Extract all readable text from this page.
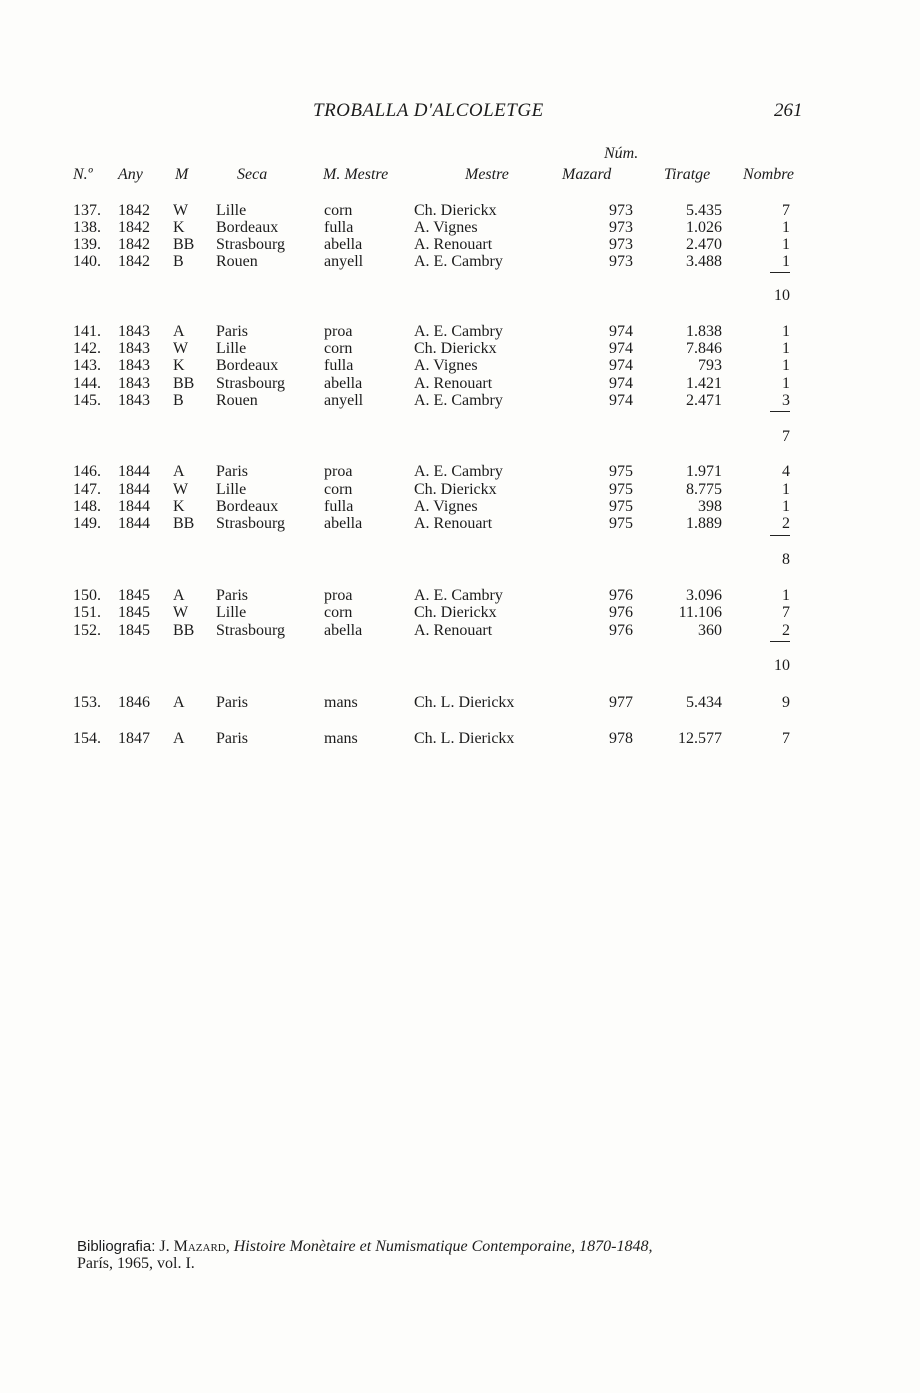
TROBALLA D'ALCOLETGE	261
N.º Any M	Seca	M. Mestre	Mestre
Núm.
Mazard	Tiratge Nombre
137. 1842 W Lille	corn	Ch. Dierickx	973	5.435	7
138. 1842 K Bordeaux	fulla	A. Vignes	973	1.026	1
139. 1842 BB Strasbourg abella	A. Renouart	973	2.470	1
140. 1842 B Rouen	anyell	A. E. Cambry	973	3.488	1
10
141. 1843 A Paris	proa	A. E. Cambry	974	1.838	1
142. 1843 W Lille	corn	Ch. Dierickx	974	7.846	1
143. 1843 K Bordeaux	fulla	A. Vignes	974	793	1
144. 1843 BB Strasbourg abella	A. Renouart	974	1.421	1
145. 1843 B Rouen	anyell	A. E. Cambry	974	2.471	3
7
146. 1844 A Paris	proa	A. E. Cambry	975	1.971	4
147. 1844 W Lille	corn	Ch. Dierickx	975	8.775	1
148. 1844 K Bordeaux	fulla	A. Vignes	975	398	1
149. 1844 BB Strasbourg abella	A. Renouart	975	1.889	2
8
150. 1845 A Paris	proa	A. E. Cambry	976	3.096	1
151. 1845 W Lille	corn	Ch. Dierickx	976	11.106	7
152. 1845 BB Strasbourg abella	A. Renouart	976	360	2
10
153. 1846 A Paris	mans	Ch. L. Dierickx	977	5.434	9
154. 1847 A Paris	mans	Ch. L. Dierickx	978	12.577	7
Bibliografia: J. Mazard, Histoire Monètaire et Numismatique Contemporaine, 1870-1848,
París, 1965, vol. I.
